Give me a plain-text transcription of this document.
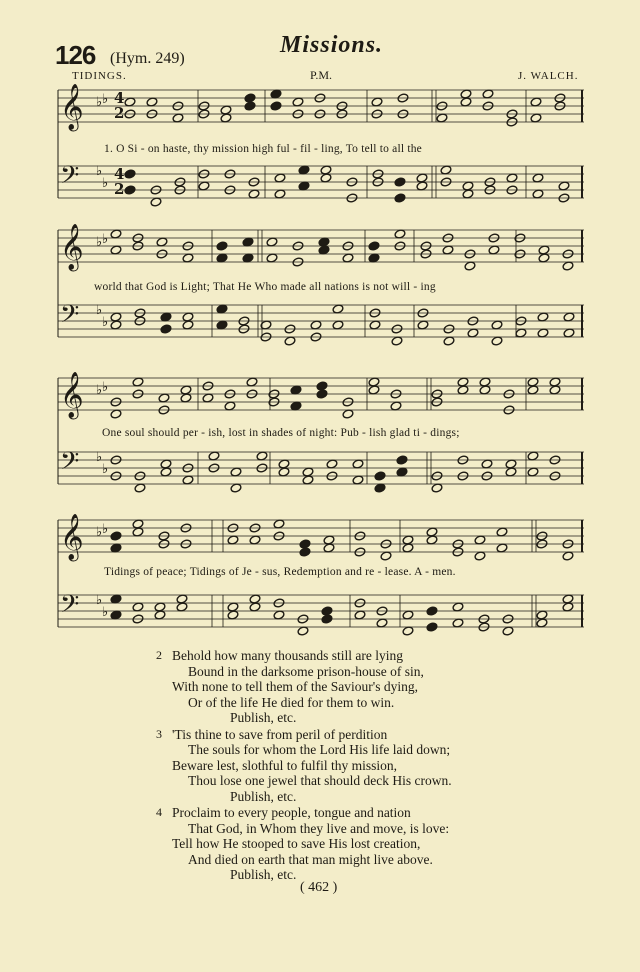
126 (Hym. 249)
Missions.
TIDINGS.	P.M.	J. WALCH.
𝄞 ♭ ♭
𝄢 ♭
♭
4
4
2
2
𝄞 ♭ ♭
𝄢 ♭
♭
𝄞 ♭ ♭
𝄢 ♭
♭
𝄞 ♭ ♭
𝄢 ♭
♭
1. O Si - on haste, thy mission high ful - fil - ling, To tell to all the
world that God is Light; That He Who made all nations is not will - ing
One soul should per - ish, lost in shades of night: Pub - lish glad ti - dings;
Tidings of peace; Tidings of Je - sus, Redemption and re - lease. A - men.
2 Behold how many thousands still are lying
Bound in the darksome prison-house of sin,
With none to tell them of the Saviour's dying,
Or of the life He died for them to win.
Publish, etc.
3 'Tis thine to save from peril of perdition
The souls for whom the Lord His life laid down;
Beware lest, slothful to fulfil thy mission,
Thou lose one jewel that should deck His crown.
Publish, etc.
4 Proclaim to every people, tongue and nation
That God, in Whom they live and move, is love:
Tell how He stooped to save His lost creation,
And died on earth that man might live above.
Publish, etc.
( 462 )
